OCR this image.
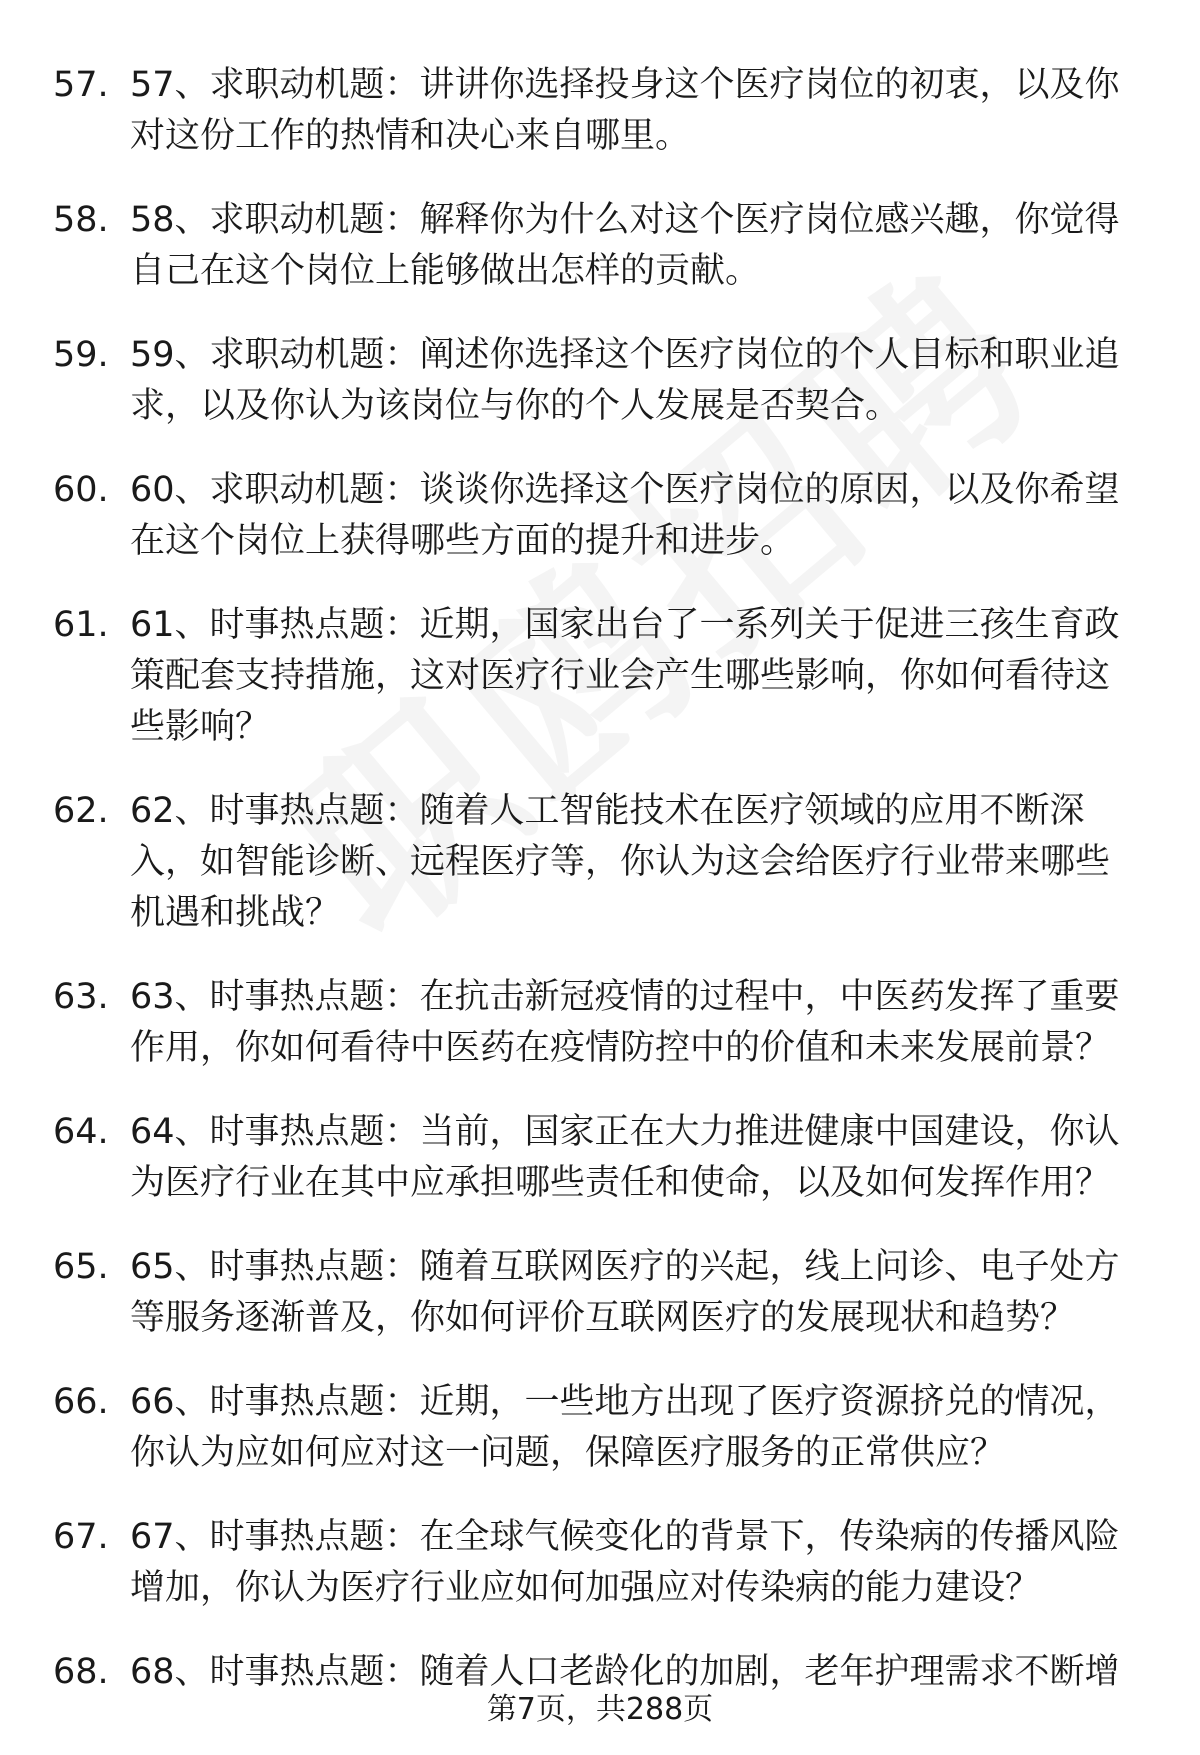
57. 57、求职动机题：讲讲你选择投身这个医疗岗位的初衷，以及你对这份工作的热情和决心来自哪里。
58. 58、求职动机题：解释你为什么对这个医疗岗位感兴趣，你觉得自己在这个岗位上能够做出怎样的贡献。
59. 59、求职动机题：阐述你选择这个医疗岗位的个人目标和职业追求，以及你认为该岗位与你的个人发展是否契合。
60. 60、求职动机题：谈谈你选择这个医疗岗位的原因，以及你希望在这个岗位上获得哪些方面的提升和进步。
61. 61、时事热点题：近期，国家出台了一系列关于促进三孩生育政策配套支持措施，这对医疗行业会产生哪些影响，你如何看待这些影响？
62. 62、时事热点题：随着人工智能技术在医疗领域的应用不断深入，如智能诊断、远程医疗等，你认为这会给医疗行业带来哪些机遇和挑战？
63. 63、时事热点题：在抗击新冠疫情的过程中，中医药发挥了重要作用，你如何看待中医药在疫情防控中的价值和未来发展前景？
64. 64、时事热点题：当前，国家正在大力推进健康中国建设，你认为医疗行业在其中应承担哪些责任和使命，以及如何发挥作用？
65. 65、时事热点题：随着互联网医疗的兴起，线上问诊、电子处方等服务逐渐普及，你如何评价互联网医疗的发展现状和趋势？
66. 66、时事热点题：近期，一些地方出现了医疗资源挤兑的情况，你认为应如何应对这一问题，保障医疗服务的正常供应？
67. 67、时事热点题：在全球气候变化的背景下，传染病的传播风险增加，你认为医疗行业应如何加强应对传染病的能力建设？
68. 68、时事热点题：随着人口老龄化的加剧，老年护理需求不断增
第7页，共288页
